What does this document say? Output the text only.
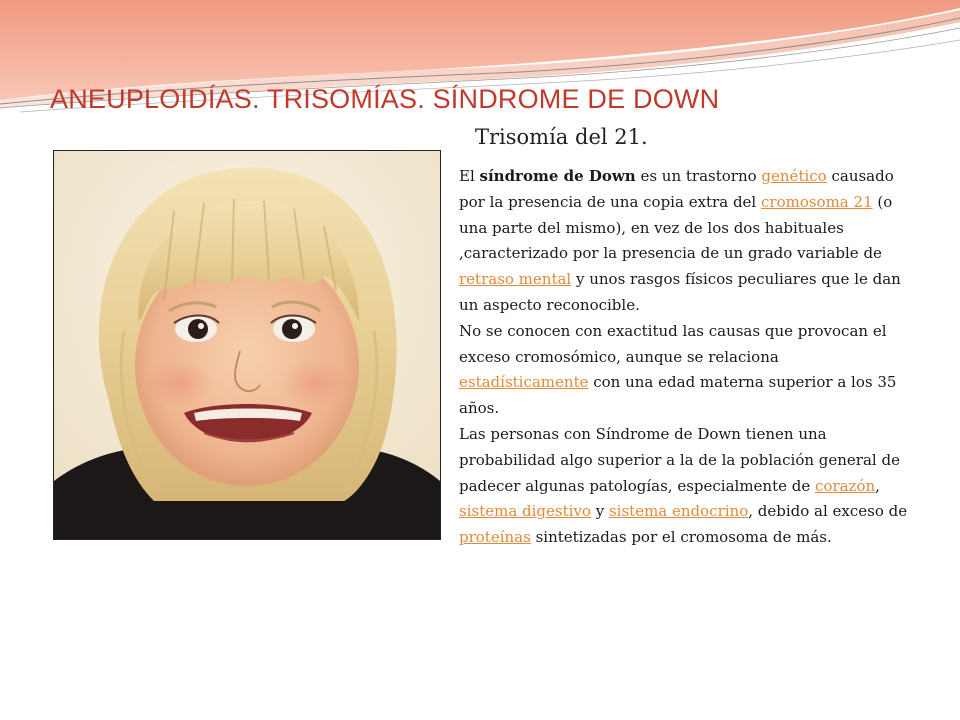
ANEUPLOIDÍAS. TRISOMÍAS. SÍNDROME DE DOWN
Trisomía del 21.

El síndrome de Down es un trastorno genético causado por la presencia de una copia extra del cromosoma 21 (o una parte del mismo), en vez de los dos habituales ,caracterizado por la presencia de un grado variable de retraso mental y unos rasgos físicos peculiares que le dan un aspecto reconocible.

No se conocen con exactitud las causas que provocan el exceso cromosómico, aunque se relaciona estadísticamente con una edad materna superior a los 35 años.

Las personas con Síndrome de Down tienen una probabilidad algo superior a la de la población general de padecer algunas patologías, especialmente de corazón, sistema digestivo y sistema endocrino, debido al exceso de proteínas sintetizadas por el cromosoma de más.
